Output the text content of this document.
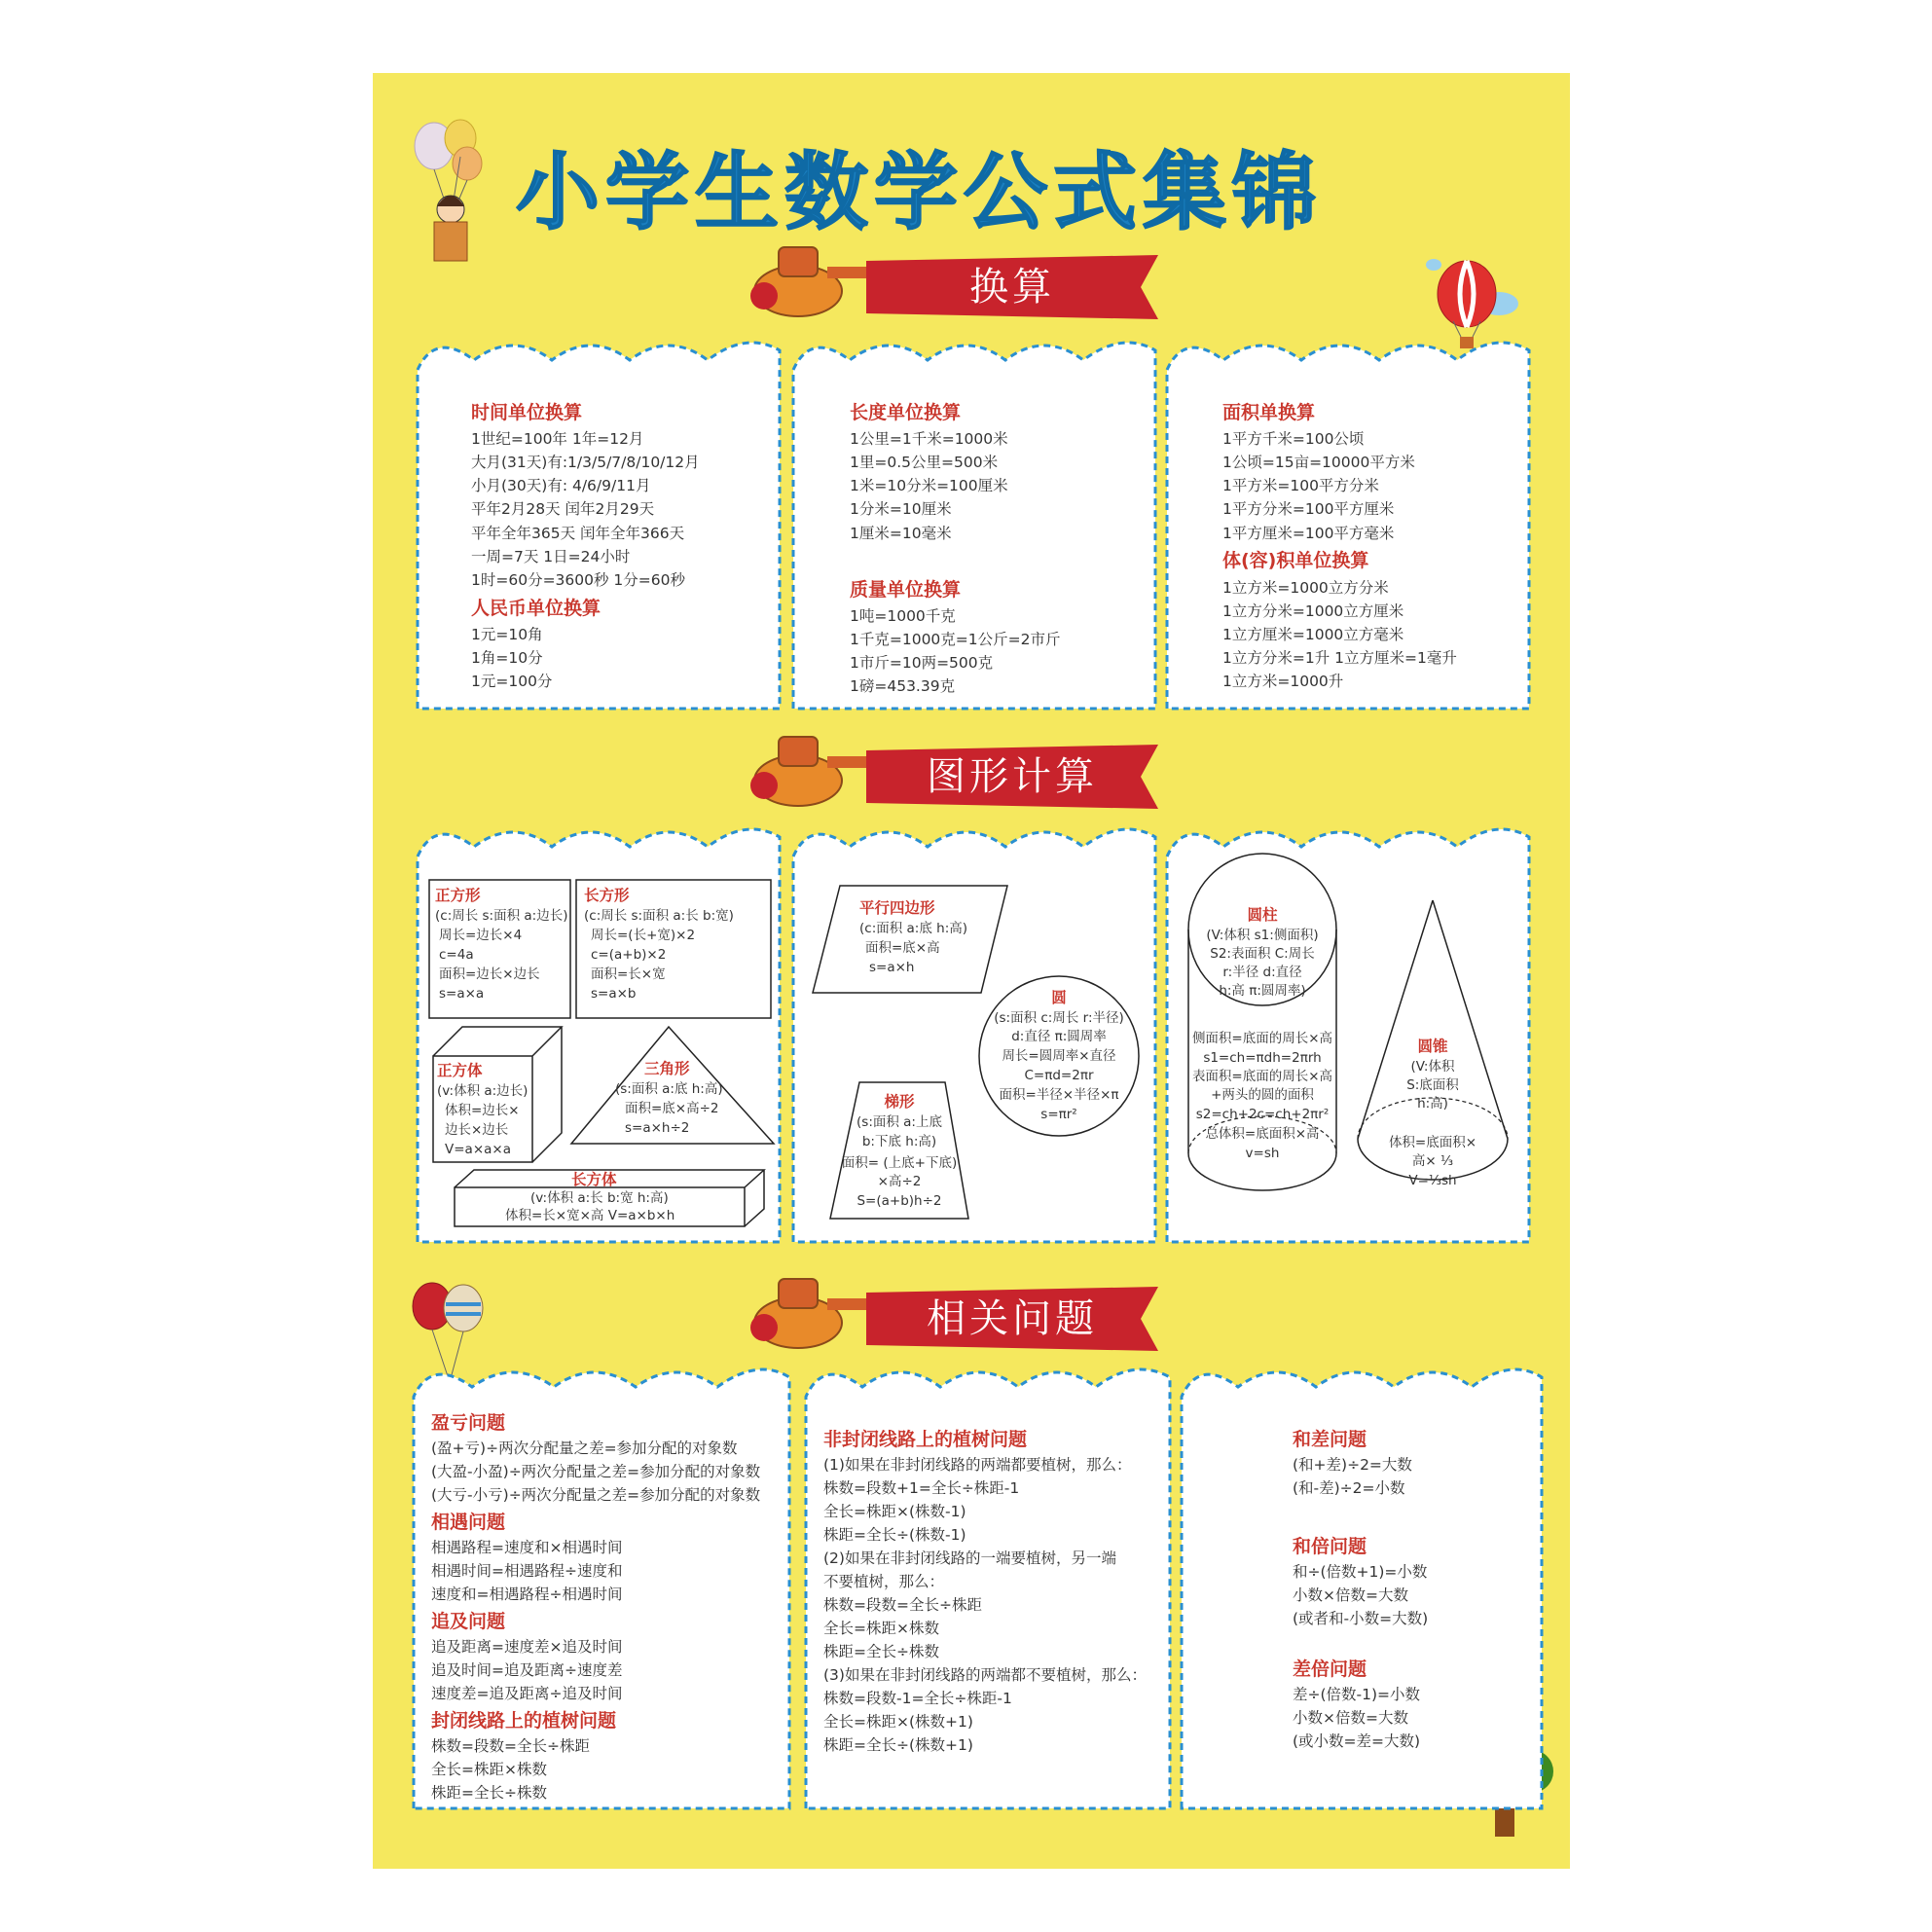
小学生数学公式集锦
换算
图形计算
相关问题
时间单位换算
1世纪=100年 1年=12月
大月(31天)有:1/3/5/7/8/10/12月
小月(30天)有: 4/6/9/11月
平年2月28天 闰年2月29天
平年全年365天 闰年全年366天
一周=7天 1日=24小时
1时=60分=3600秒 1分=60秒
人民币单位换算
1元=10角
1角=10分
1元=100分
长度单位换算
1公里=1千米=1000米
1里=0.5公里=500米
1米=10分米=100厘米
1分米=10厘米
1厘米=10毫米
质量单位换算
1吨=1000千克
1千克=1000克=1公斤=2市斤
1市斤=10两=500克
1磅=453.39克
面积单换算
1平方千米=100公顷
1公顷=15亩=10000平方米
1平方米=100平方分米
1平方分米=100平方厘米
1平方厘米=100平方毫米
体(容)积单位换算
1立方米=1000立方分米
1立方分米=1000立方厘米
1立方厘米=1000立方毫米
1立方分米=1升 1立方厘米=1毫升
1立方米=1000升
正方形
(c:周长 s:面积 a:边长)
周长=边长×4
c=4a
面积=边长×边长
s=a×a
长方形
(c:周长 s:面积 a:长 b:宽)
周长=(长+宽)×2
c=(a+b)×2
面积=长×宽
s=a×b
正方体
(v:体积 a:边长)
体积=边长×
边长×边长
V=a×a×a
三角形
(s:面积 a:底 h:高)
面积=底×高÷2
s=a×h÷2
长方体
(v:体积 a:长 b:宽 h:高)
体积=长×宽×高 V=a×b×h
平行四边形
(c:面积 a:底 h:高)
面积=底×高
s=a×h
圆
(s:面积 c:周长 r:半径)
d:直径 π:圆周率
周长=圆周率×直径
C=πd=2πr
面积=半径×半径×π
s=πr²
梯形
(s:面积 a:上底
b:下底 h:高)
面积= (上底+下底)
×高÷2
S=(a+b)h÷2
圆柱
(V:体积 s1:侧面积)
S2:表面积 C:周长
r:半径 d:直径
h:高 π:圆周率)
侧面积=底面的周长×高
s1=ch=πdh=2πrh
表面积=底面的周长×高
+两头的圆的面积
s2=ch+2c=ch+2πr²
总体积=底面积×高
v=sh
圆锥
(V:体积
S:底面积
h:高)
体积=底面积×
高× ⅓
V=⅓sh
盈亏问题
(盈+亏)÷两次分配量之差=参加分配的对象数
(大盈-小盈)÷两次分配量之差=参加分配的对象数
(大亏-小亏)÷两次分配量之差=参加分配的对象数
相遇问题
相遇路程=速度和×相遇时间
相遇时间=相遇路程÷速度和
速度和=相遇路程÷相遇时间
追及问题
追及距离=速度差×追及时间
追及时间=追及距离÷速度差
速度差=追及距离÷追及时间
封闭线路上的植树问题
株数=段数=全长÷株距
全长=株距×株数
株距=全长÷株数
非封闭线路上的植树问题
(1)如果在非封闭线路的两端都要植树，那么：
株数=段数+1=全长÷株距-1
全长=株距×(株数-1)
株距=全长÷(株数-1)
(2)如果在非封闭线路的一端要植树，另一端
不要植树，那么：
株数=段数=全长÷株距
全长=株距×株数
株距=全长÷株数
(3)如果在非封闭线路的两端都不要植树，那么：
株数=段数-1=全长÷株距-1
全长=株距×(株数+1)
株距=全长÷(株数+1)
和差问题
(和+差)÷2=大数
(和-差)÷2=小数
和倍问题
和÷(倍数+1)=小数
小数×倍数=大数
(或者和-小数=大数)
差倍问题
差÷(倍数-1)=小数
小数×倍数=大数
(或小数=差=大数)
